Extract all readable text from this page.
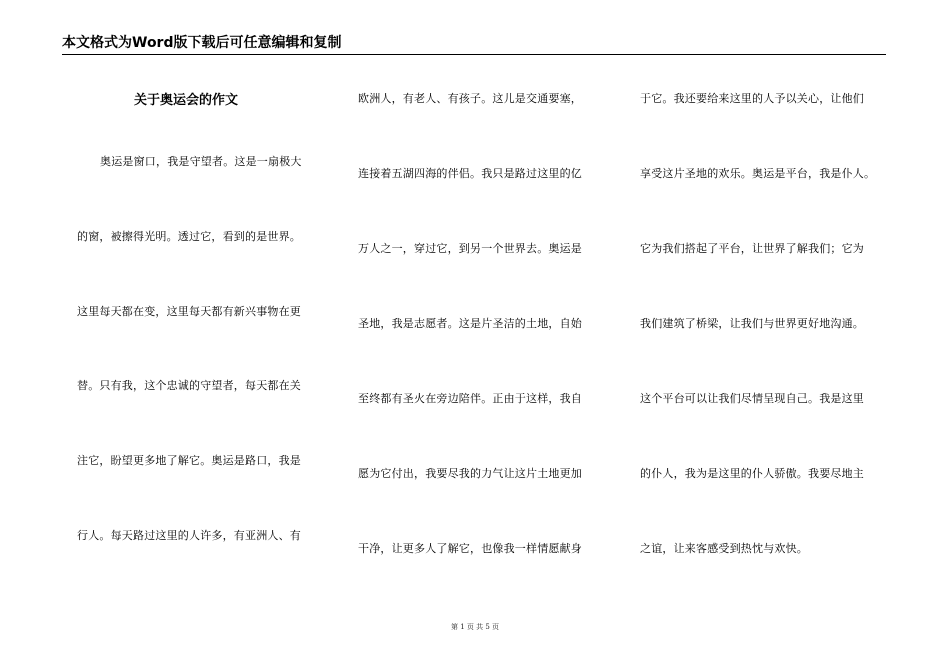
本文格式为Word版下载后可任意编辑和复制
关于奥运会的作文
奥运是窗口，我是守望者。这是一扇极大
的窗，被擦得光明。透过它，看到的是世界。
这里每天都在变，这里每天都有新兴事物在更
替。只有我，这个忠诚的守望者，每天都在关
注它，盼望更多地了解它。奥运是路口，我是
行人。每天路过这里的人许多，有亚洲人、有
欧洲人，有老人、有孩子。这儿是交通要塞，
连接着五湖四海的伴侣。我只是路过这里的亿
万人之一，穿过它，到另一个世界去。奥运是
圣地，我是志愿者。这是片圣洁的土地，自始
至终都有圣火在旁边陪伴。正由于这样，我自
愿为它付出，我要尽我的力气让这片土地更加
干净，让更多人了解它，也像我一样情愿献身
于它。我还要给来这里的人予以关心，让他们
享受这片圣地的欢乐。奥运是平台，我是仆人。
它为我们搭起了平台，让世界了解我们；它为
我们建筑了桥梁，让我们与世界更好地沟通。
这个平台可以让我们尽情呈现自己。我是这里
的仆人，我为是这里的仆人骄傲。我要尽地主
之谊，让来客感受到热忱与欢快。
第 1 页 共 5 页
